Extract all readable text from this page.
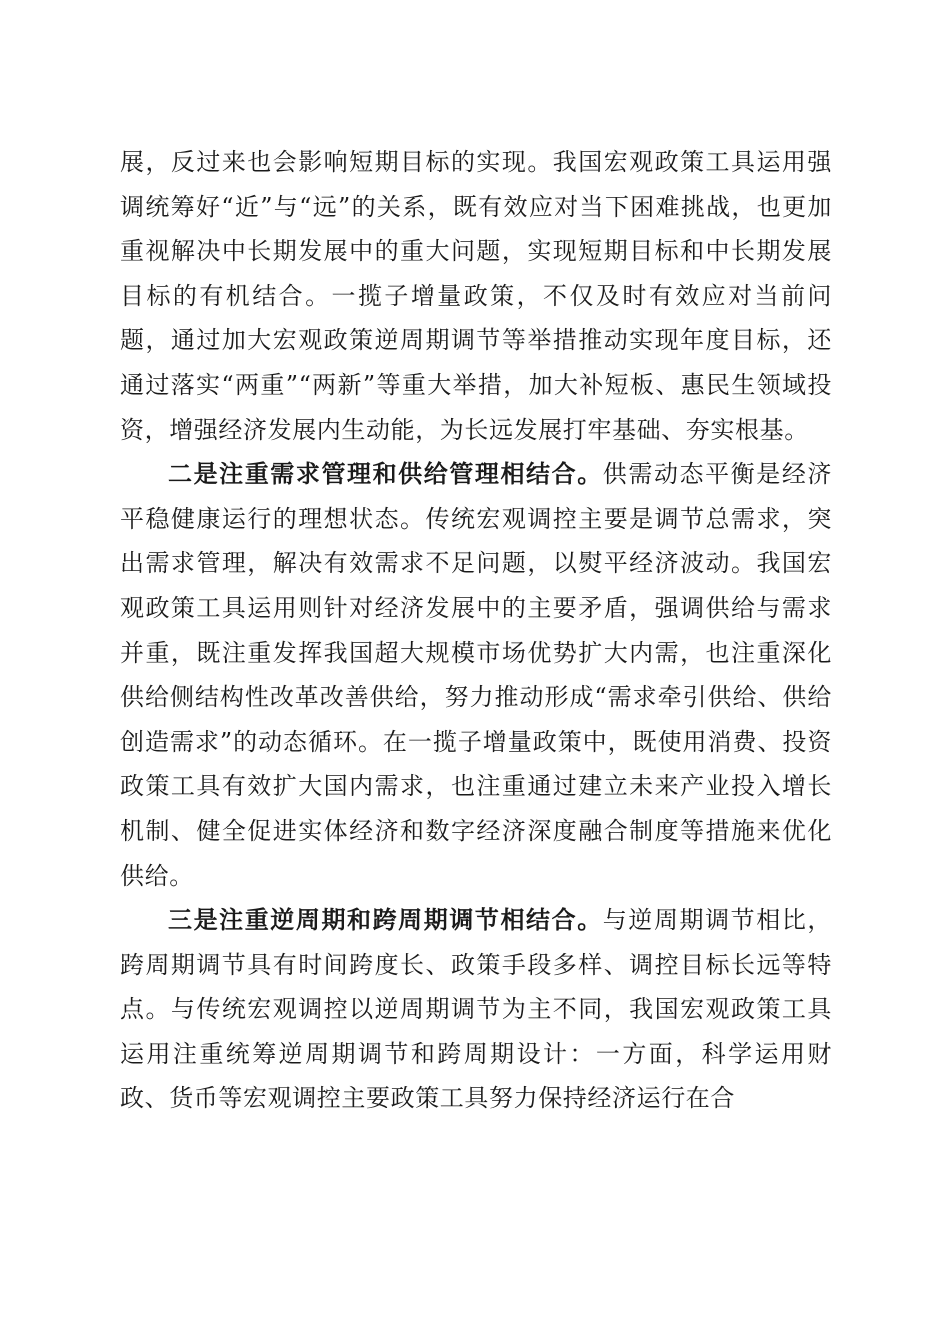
展，反过来也会影响短期目标的实现。我国宏观政策工具运用强调统筹好“近”与“远”的关系，既有效应对当下困难挑战，也更加重视解决中长期发展中的重大问题，实现短期目标和中长期发展目标的有机结合。一揽子增量政策，不仅及时有效应对当前问题，通过加大宏观政策逆周期调节等举措推动实现年度目标，还通过落实“两重”“两新”等重大举措，加大补短板、惠民生领域投资，增强经济发展内生动能，为长远发展打牢基础、夯实根基。

二是注重需求管理和供给管理相结合。供需动态平衡是经济平稳健康运行的理想状态。传统宏观调控主要是调节总需求，突出需求管理，解决有效需求不足问题，以熨平经济波动。我国宏观政策工具运用则针对经济发展中的主要矛盾，强调供给与需求并重，既注重发挥我国超大规模市场优势扩大内需，也注重深化供给侧结构性改革改善供给，努力推动形成“需求牵引供给、供给创造需求”的动态循环。在一揽子增量政策中，既使用消费、投资政策工具有效扩大国内需求，也注重通过建立未来产业投入增长机制、健全促进实体经济和数字经济深度融合制度等措施来优化供给。

三是注重逆周期和跨周期调节相结合。与逆周期调节相比，跨周期调节具有时间跨度长、政策手段多样、调控目标长远等特点。与传统宏观调控以逆周期调节为主不同，我国宏观政策工具运用注重统筹逆周期调节和跨周期设计：一方面，科学运用财政、货币等宏观调控主要政策工具努力保持经济运行在合
